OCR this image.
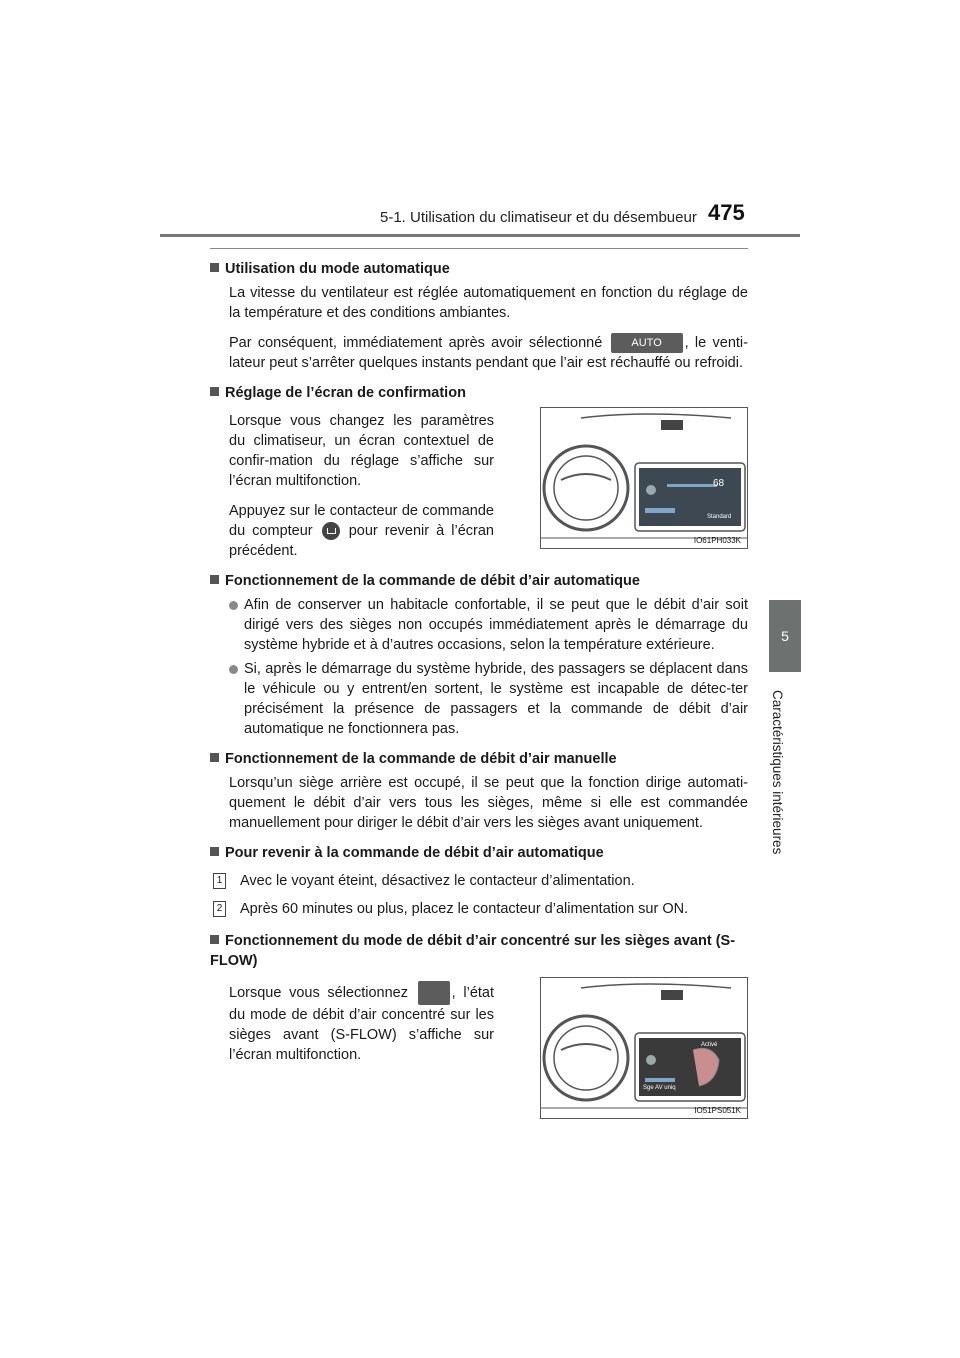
5-1. Utilisation du climatiseur et du désembueur 475
5
Caractéristiques intérieures
Utilisation du mode automatique
La vitesse du ventilateur est réglée automatiquement en fonction du réglage de la température et des conditions ambiantes.
Par conséquent, immédiatement après avoir sélectionné	AUTO , le venti-lateur peut s’arrêter quelques instants pendant que l’air est réchauffé ou refroidi.
Réglage de l’écran de confirmation
Lorsque vous changez les paramètres du climatiseur, un écran contextuel de confir-mation du réglage s’affiche sur l’écran multifonction.
Appuyez sur le contacteur de commande du compteur pour revenir à l’écran précédent.
68
Standard
IO61PH033K
Fonctionnement de la commande de débit d’air automatique
Afin de conserver un habitacle confortable, il se peut que le débit d’air soit dirigé vers des sièges non occupés immédiatement après le démarrage du système hybride et à d’autres occasions, selon la température extérieure.
Si, après le démarrage du système hybride, des passagers se déplacent dans le véhicule ou y entrent/en sortent, le système est incapable de détec-ter précisément la présence de passagers et la commande de débit d’air automatique ne fonctionnera pas.
Fonctionnement de la commande de débit d’air manuelle
Lorsqu’un siège arrière est occupé, il se peut que la fonction dirige automati-quement le débit d’air vers tous les sièges, même si elle est commandée manuellement pour diriger le débit d’air vers les sièges avant uniquement.
Pour revenir à la commande de débit d’air automatique
1 Avec le voyant éteint, désactivez le contacteur d’alimentation.
2 Après 60 minutes ou plus, placez le contacteur d’alimentation sur ON.
Fonctionnement du mode de débit d’air concentré sur les sièges avant (S-FLOW)
Lorsque vous sélectionnez	, l’état du mode de débit d’air concentré sur les sièges avant (S-FLOW) s’affiche sur l’écran multifonction.
Activé
Sge AV uniq
IO51PS051K
